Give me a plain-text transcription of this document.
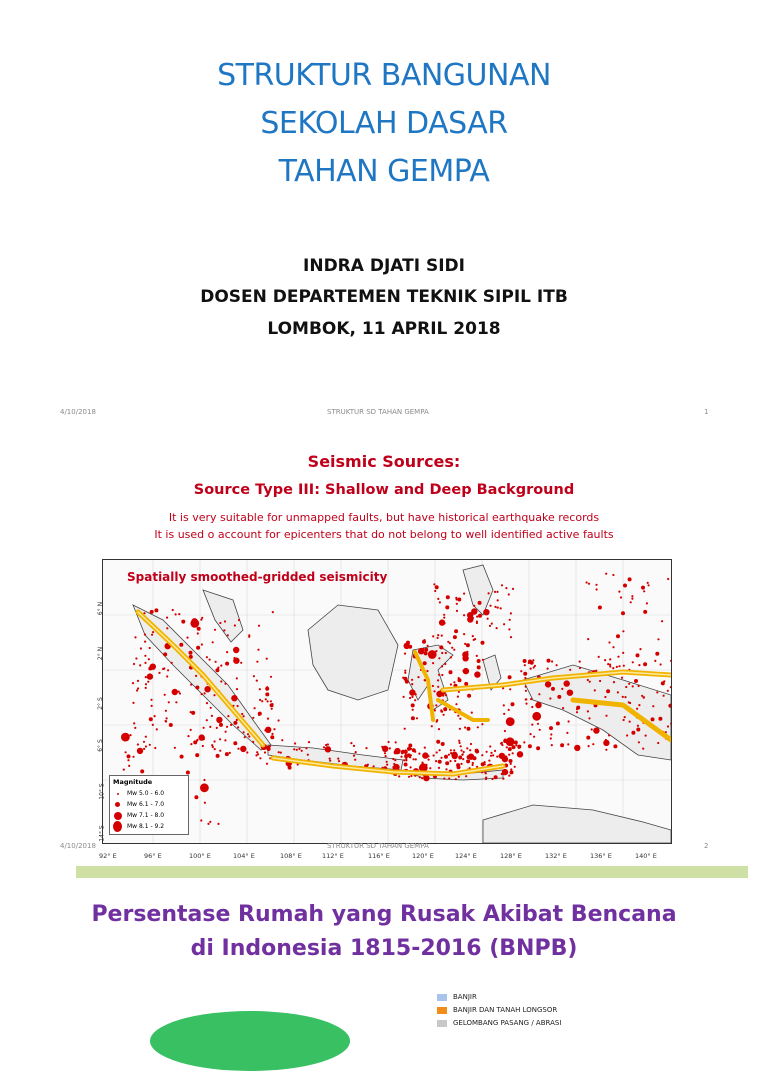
STRUKTUR BANGUNAN
SEKOLAH DASAR
TAHAN GEMPA
INDRA DJATI SIDI
DOSEN DEPARTEMEN TEKNIK SIPIL ITB
LOMBOK, 11 APRIL 2018
4/10/2018	STRUKTUR SD TAHAN GEMPA	1
Seismic Sources:
Source Type III: Shallow and Deep Background
It is very suitable for unmapped faults, but have historical earthquake records
It is used o account for epicenters that do not belong to well identified active faults
Spatially smoothed-gridded seismicity
Magnitude
Mw 5.0 - 6.0
Mw 6.1 - 7.0
Mw 7.1 - 8.0
Mw 8.1 - 9.2
4/10/2018	STRUKTUR SD TAHAN GEMPA	2
92° E	96° E	100° E	104° E	108° E	112° E	116° E	120° E	124° E	128° E	132° E	136° E	140° E
6° N
2° N
2° S
6° S
10° S
14° S
Persentase Rumah yang Rusak Akibat Bencana
di Indonesia 1815-2016 (BNPB)
BANJIR
BANJIR DAN TANAH LONGSOR
GELOMBANG PASANG / ABRASI
